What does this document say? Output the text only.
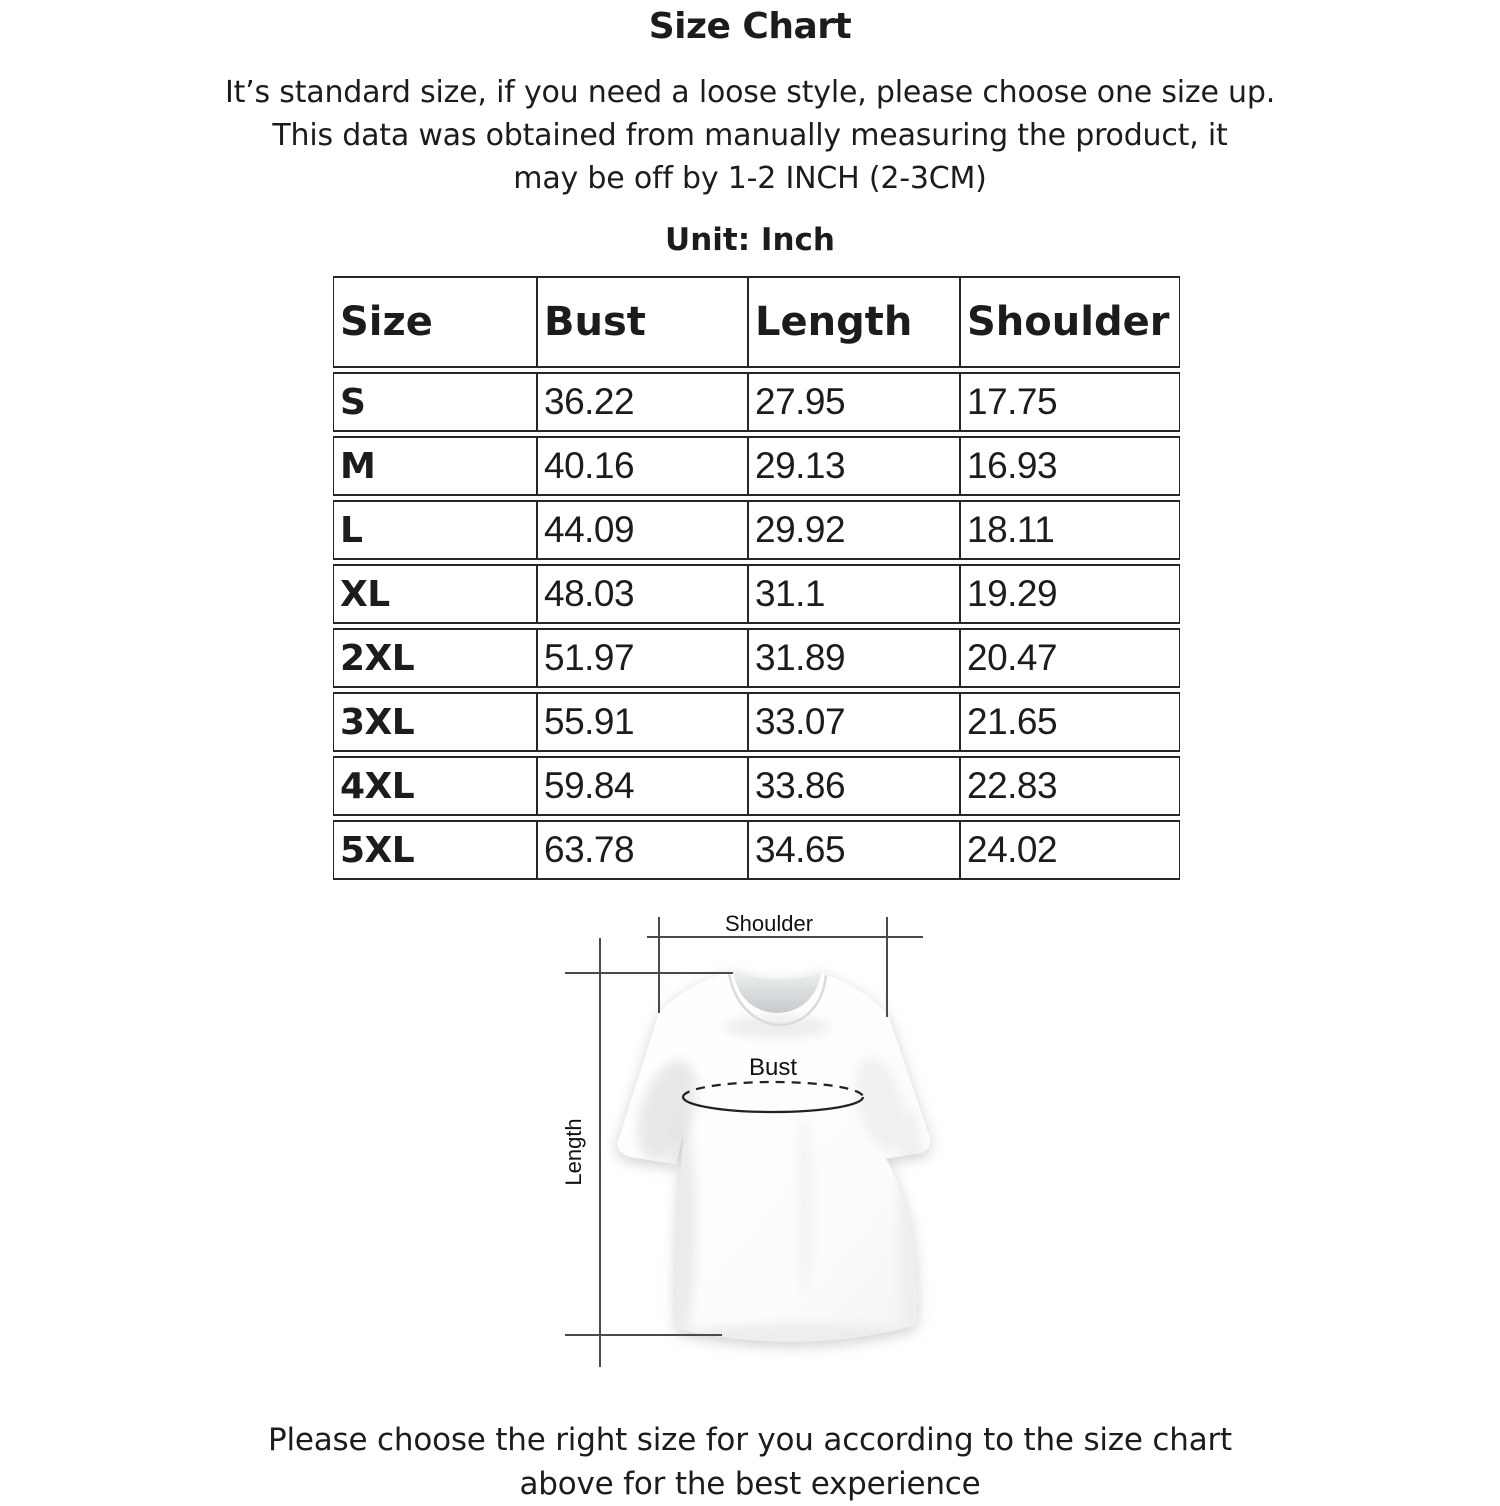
Size Chart

It’s standard size, if you need a loose style, please choose one size up.
This data was obtained from manually measuring the product, it
may be off by 1-2 INCH (2-3CM)

Unit: Inch

Size	Bust	Length	Shoulder
S	36.22	27.95	17.75
M	40.16	29.13	16.93
L	44.09	29.92	18.11
XL	48.03	31.1	19.29
2XL	51.97	31.89	20.47
3XL	55.91	33.07	21.65
4XL	59.84	33.86	22.83
5XL	63.78	34.65	24.02
Shoulder
Bust
Length

Please choose the right size for you according to the size chart
above for the best experience
